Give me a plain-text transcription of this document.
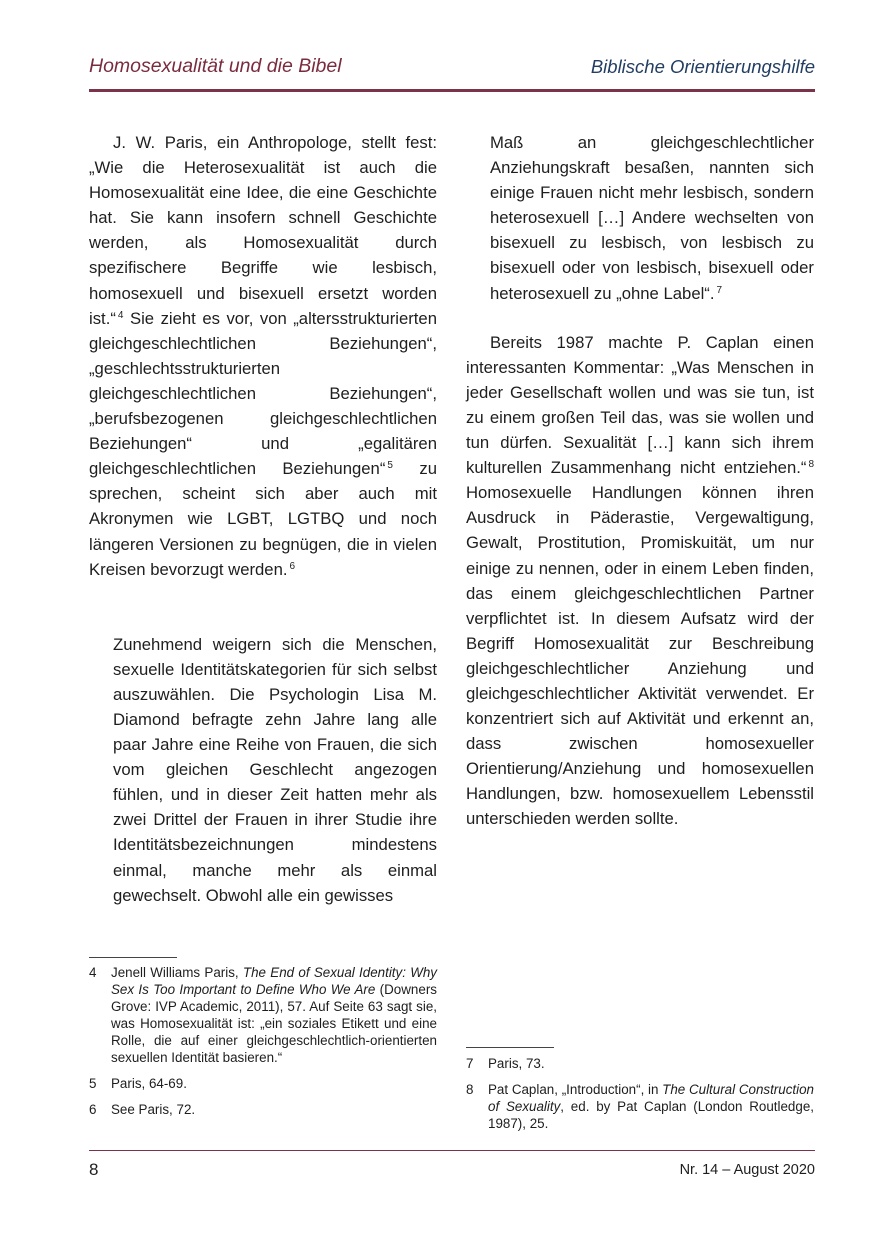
Homosexualität und die Bibel	Biblische Orientierungshilfe

J. W. Paris, ein Anthropologe, stellt fest: „Wie die Heterosexualität ist auch die Homosexualität eine Idee, die eine Geschichte hat. Sie kann insofern schnell Geschichte werden, als Homosexualität durch spezifischere Begriffe wie lesbisch, homosexuell und bisexuell ersetzt worden ist.“ $^4$ Sie zieht es vor, von „altersstrukturierten gleichgeschlechtlichen Beziehungen“, „geschlechtsstrukturierten gleichgeschlechtlichen Beziehungen“, „berufsbezogenen gleichgeschlechtlichen Beziehungen“ und „egalitären gleichgeschlechtlichen Beziehungen“ $^5$ zu sprechen, scheint sich aber auch mit Akronymen wie LGBT, LGTBQ und noch längeren Versionen zu begnügen, die in vielen Kreisen bevorzugt werden. $^6$

Zunehmend weigern sich die Menschen, sexuelle Identitätskategorien für sich selbst auszuwählen. Die Psychologin Lisa M. Diamond befragte zehn Jahre lang alle paar Jahre eine Reihe von Frauen, die sich vom gleichen Geschlecht angezogen fühlen, und in dieser Zeit hatten mehr als zwei Drittel der Frauen in ihrer Studie ihre Identitätsbezeichnungen mindestens einmal, manche mehr als einmal gewechselt. Obwohl alle ein gewisses

Maß an gleichgeschlechtlicher Anziehungskraft besaßen, nannten sich einige Frauen nicht mehr lesbisch, sondern heterosexuell […] Andere wechselten von bisexuell zu lesbisch, von lesbisch zu bisexuell oder von lesbisch, bisexuell oder heterosexuell zu „ohne Label“. $^7$

Bereits 1987 machte P. Caplan einen interessanten Kommentar: „Was Menschen in jeder Gesellschaft wollen und was sie tun, ist zu einem großen Teil das, was sie wollen und tun dürfen. Sexualität […] kann sich ihrem kulturellen Zusammenhang nicht entziehen.“ $^8$ Homosexuelle Handlungen können ihren Ausdruck in Päderastie, Vergewaltigung, Gewalt, Prostitution, Promiskuität, um nur einige zu nennen, oder in einem Leben finden, das einem gleichgeschlechtlichen Partner verpflichtet ist. In diesem Aufsatz wird der Begriff Homosexualität zur Beschreibung gleichgeschlechtlicher Anziehung und gleichgeschlechtlicher Aktivität verwendet. Er konzentriert sich auf Aktivität und erkennt an, dass zwischen homosexueller Orientierung/Anziehung und homosexuellen Handlungen, bzw. homosexuellem Lebensstil unterschieden werden sollte.

4	Jenell Williams Paris, The End of Sexual Identity: Why Sex Is Too Important to Define Who We Are (Downers Grove: IVP Academic, 2011), 57. Auf Seite 63 sagt sie, was Homosexualität ist: „ein soziales Etikett und eine Rolle, die auf einer gleichgeschlechtlich-orientierten sexuellen Identität basieren.“
5	Paris, 64-69.
6	See Paris, 72.
7	Paris, 73.
8	Pat Caplan, „Introduction“, in The Cultural Construction of Sexuality, ed. by Pat Caplan (London Routledge, 1987), 25.
8	Nr. 14 – August 2020
